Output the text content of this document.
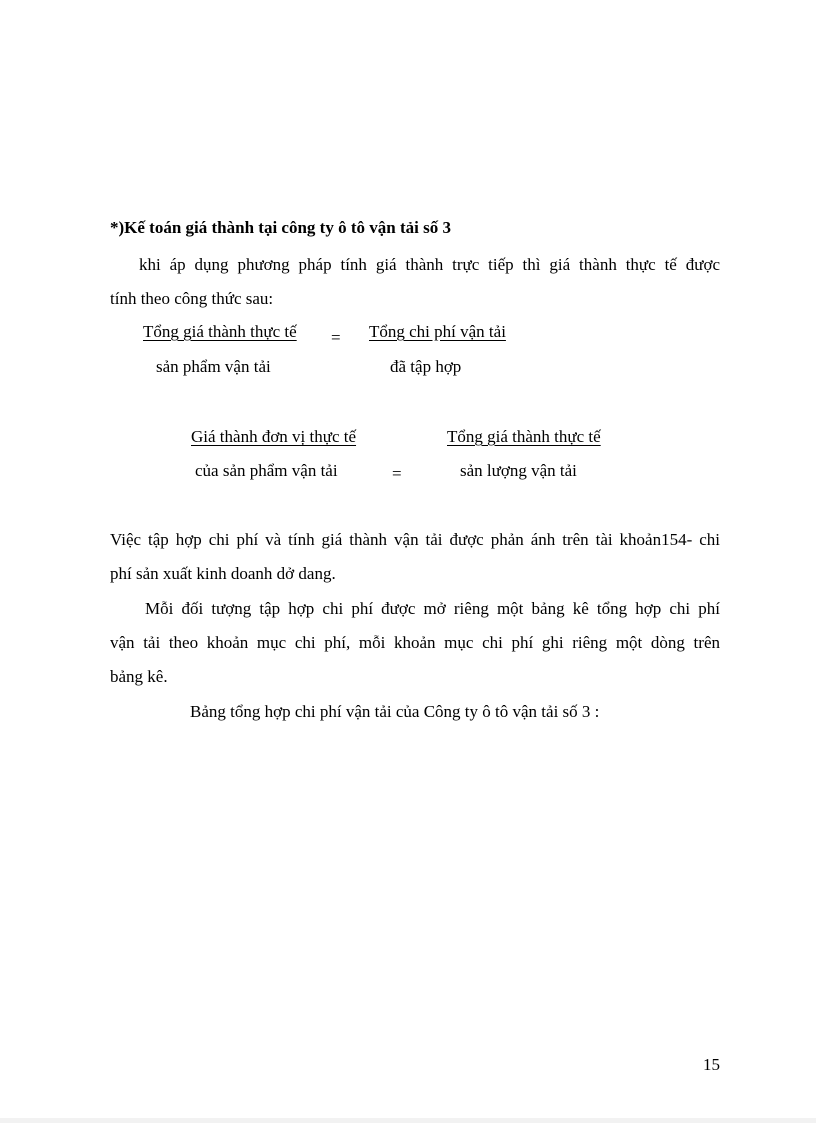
*)Kế toán giá thành tại công ty ô tô vận tải số 3
khi áp dụng phương pháp tính giá thành trực tiếp thì giá thành thực tế được
tính theo công thức sau:
Tổng giá thành thực tế = Tổng chi phí vận tải
sản phẩm vận tải	đã tập hợp
Giá thành đơn vị thực tế	Tổng giá thành thực tế
của sản phẩm vận tải	=	sản lượng vận tải
Việc tập hợp chi phí và tính giá thành vận tải được phản ánh trên tài khoản154- chi
phí sản xuất kinh doanh dở dang.
Mỗi đối tượng tập hợp chi phí được mở riêng một bảng kê tổng hợp chi phí
vận tải theo khoản mục chi phí, mỗi khoản mục chi phí ghi riêng một dòng trên
bảng kê.
Bảng tổng hợp chi phí vận tải của Công ty ô tô vận tải số 3 :
15
